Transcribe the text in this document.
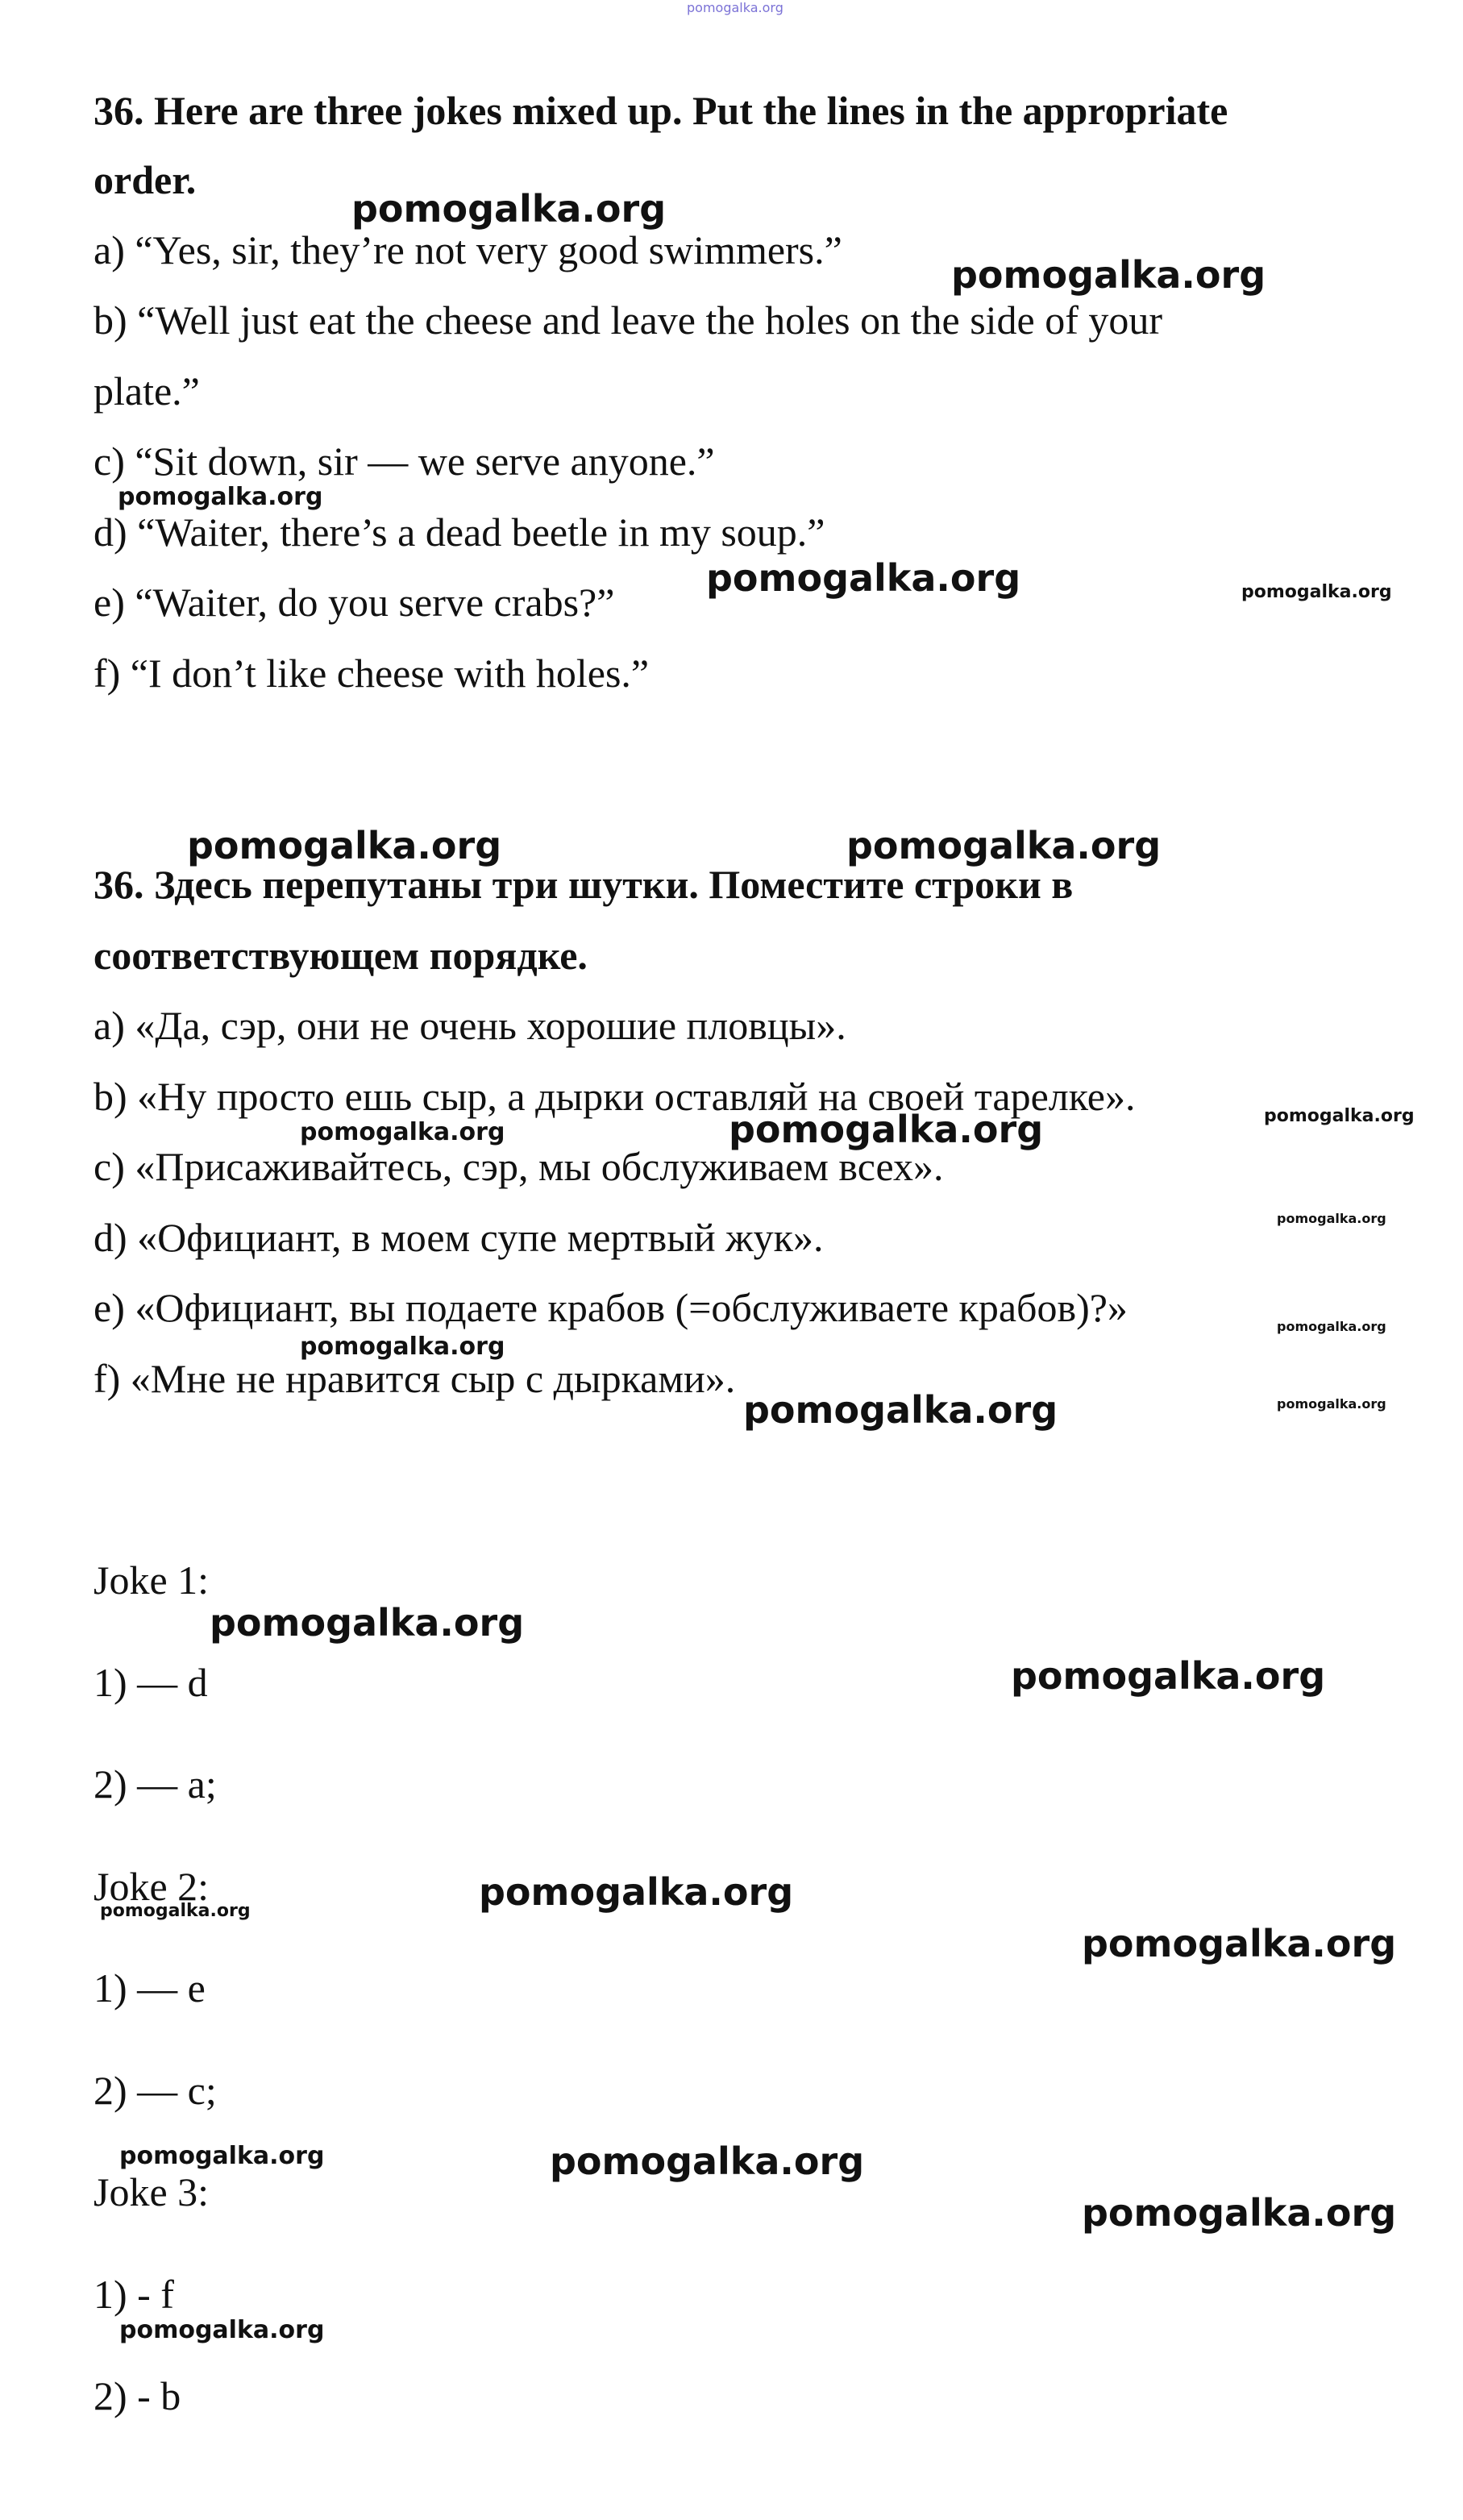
pomogalka.org
36. Here are three jokes mixed up. Put the lines in the appropriate
order.
a) “Yes, sir, they’re not very good swimmers.”
b) “Well just eat the cheese and leave the holes on the side of your
plate.”
c) “Sit down, sir — we serve anyone.”
d) “Waiter, there’s a dead beetle in my soup.”
e) “Waiter, do you serve crabs?”
f) “I don’t like cheese with holes.”
36. Здесь перепутаны три шутки. Поместите строки в
соответствующем порядке.
a) «Да, сэр, они не очень хорошие пловцы».
b) «Ну просто ешь сыр, а дырки оставляй на своей тарелке».
c) «Присаживайтесь, сэр, мы обслуживаем всех».
d) «Официант, в моем супе мертвый жук».
e) «Официант, вы подаете крабов (=обслуживаете крабов)?»
f) «Мне не нравится сыр с дырками».
Joke 1:
1) — d
2) — a;
Joke 2:
1) — e
2) — c;
Joke 3:
1) - f
2) - b
pomogalka.org
pomogalka.org
pomogalka.org
pomogalka.org	pomogalka.org
pomogalka.org	pomogalka.org
pomogalka.org	pomogalka.org	pomogalka.org
pomogalka.org
pomogalka.org
pomogalka.org
pomogalka.org
pomogalka.org
pomogalka.org
pomogalka.org
pomogalka.org
pomogalka.org
pomogalka.org
pomogalka.org	pomogalka.org
pomogalka.org
pomogalka.org
